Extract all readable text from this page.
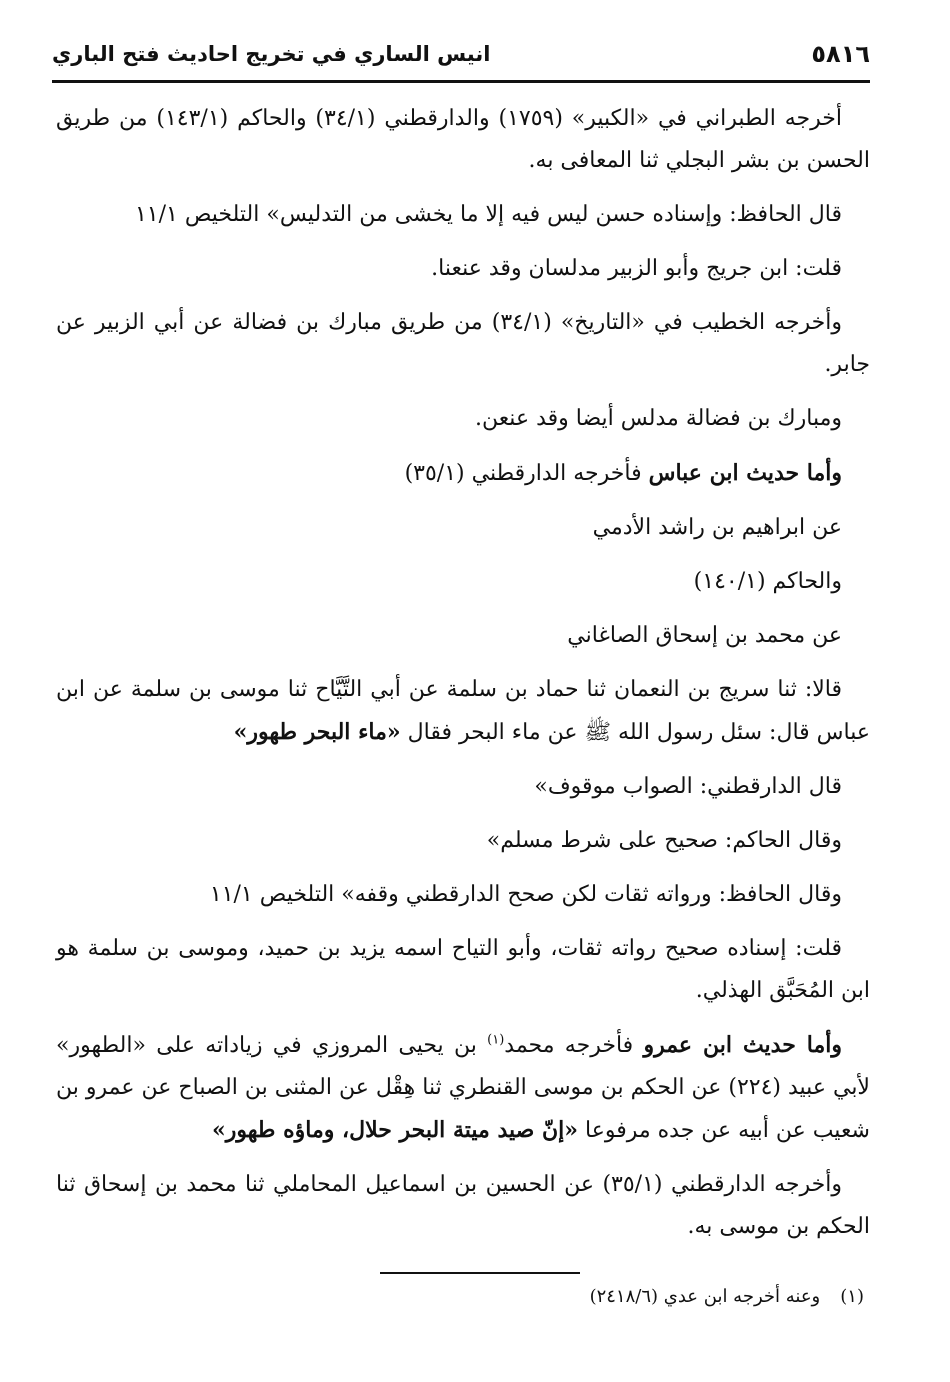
انيس الساري في تخريج احاديث فتح الباري	٥٨١٦

أخرجه الطبراني في «الكبير» (١٧٥٩) والدارقطني (٣٤/١) والحاكم (١٤٣/١) من طريق الحسن بن بشر البجلي ثنا المعافى به.

قال الحافظ: وإسناده حسن ليس فيه إلا ما يخشى من التدليس» التلخيص ١١/١

قلت: ابن جريج وأبو الزبير مدلسان وقد عنعنا.

وأخرجه الخطيب في «التاريخ» (٣٤/١) من طريق مبارك بن فضالة عن أبي الزبير عن جابر.

ومبارك بن فضالة مدلس أيضا وقد عنعن.

وأما حديث ابن عباس فأخرجه الدارقطني (٣٥/١)

عن ابراهيم بن راشد الأدمي

والحاكم (١٤٠/١)

عن محمد بن إسحاق الصاغاني

قالا: ثنا سريج بن النعمان ثنا حماد بن سلمة عن أبي التَّيَّاح ثنا موسى بن سلمة عن ابن عباس قال: سئل رسول الله ﷺ عن ماء البحر فقال «ماء البحر طهور»

قال الدارقطني: الصواب موقوف»

وقال الحاكم: صحيح على شرط مسلم»

وقال الحافظ: ورواته ثقات لكن صحح الدارقطني وقفه» التلخيص ١١/١

قلت: إسناده صحيح رواته ثقات، وأبو التياح اسمه يزيد بن حميد، وموسى بن سلمة هو ابن المُحَبَّق الهذلي.

وأما حديث ابن عمرو فأخرجه محمد$^{(١)}$ بن يحيى المروزي في زياداته على «الطهور» لأبي عبيد (٢٢٤) عن الحكم بن موسى القنطري ثنا هِقْل عن المثنى بن الصباح عن عمرو بن شعيب عن أبيه عن جده مرفوعا «إنّ صيد ميتة البحر حلال، وماؤه طهور»

وأخرجه الدارقطني (٣٥/١) عن الحسين بن اسماعيل المحاملي ثنا محمد بن إسحاق ثنا الحكم بن موسى به.

(١)وعنه أخرجه ابن عدي (٢٤١٨/٦)
